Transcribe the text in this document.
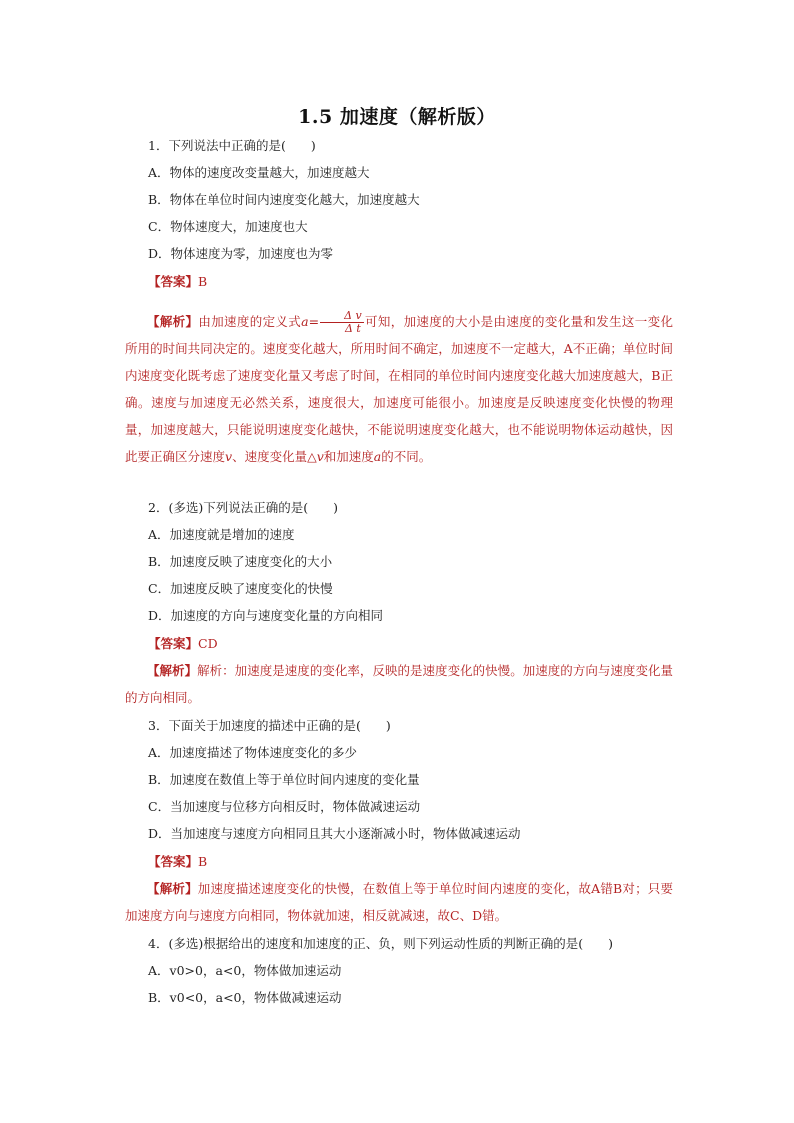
1.5 加速度（解析版）
1．下列说法中正确的是(　　)
A．物体的速度改变量越大，加速度越大
B．物体在单位时间内速度变化越大，加速度越大
C．物体速度大，加速度也大
D．物体速度为零，加速度也为零
【答案】B
【解析】由加速度的定义式$a= \frac{\text{Δ v}}{\text{Δ t}}$ 可知，加速度的大小是由速度的变化量和发生这一变化所用的时间共同决定的。速度变化越大，所用时间不确定，加速度不一定越大，A不正确；单位时间内速度变化既考虑了速度变化量又考虑了时间，在相同的单位时间内速度变化越大加速度越大，B正确。速度与加速度无必然关系，速度很大，加速度可能很小。加速度是反映速度变化快慢的物理量，加速度越大，只能说明速度变化越快，不能说明速度变化越大，也不能说明物体运动越快，因此要正确区分速度v、速度变化量△v和加速度a的不同。
2．(多选)下列说法正确的是(　　)
A．加速度就是增加的速度
B．加速度反映了速度变化的大小
C．加速度反映了速度变化的快慢
D．加速度的方向与速度变化量的方向相同
【答案】CD
【解析】解析：加速度是速度的变化率，反映的是速度变化的快慢。加速度的方向与速度变化量的方向相同。
3．下面关于加速度的描述中正确的是(　　)
A．加速度描述了物体速度变化的多少
B．加速度在数值上等于单位时间内速度的变化量
C．当加速度与位移方向相反时，物体做减速运动
D．当加速度与速度方向相同且其大小逐渐减小时，物体做减速运动
【答案】B
【解析】加速度描述速度变化的快慢，在数值上等于单位时间内速度的变化，故A错B对；只要加速度方向与速度方向相同，物体就加速，相反就减速，故C、D错。
4．(多选)根据给出的速度和加速度的正、负，则下列运动性质的判断正确的是(　　)
A．v0>0，a<0，物体做加速运动
B．v0<0，a<0，物体做减速运动
